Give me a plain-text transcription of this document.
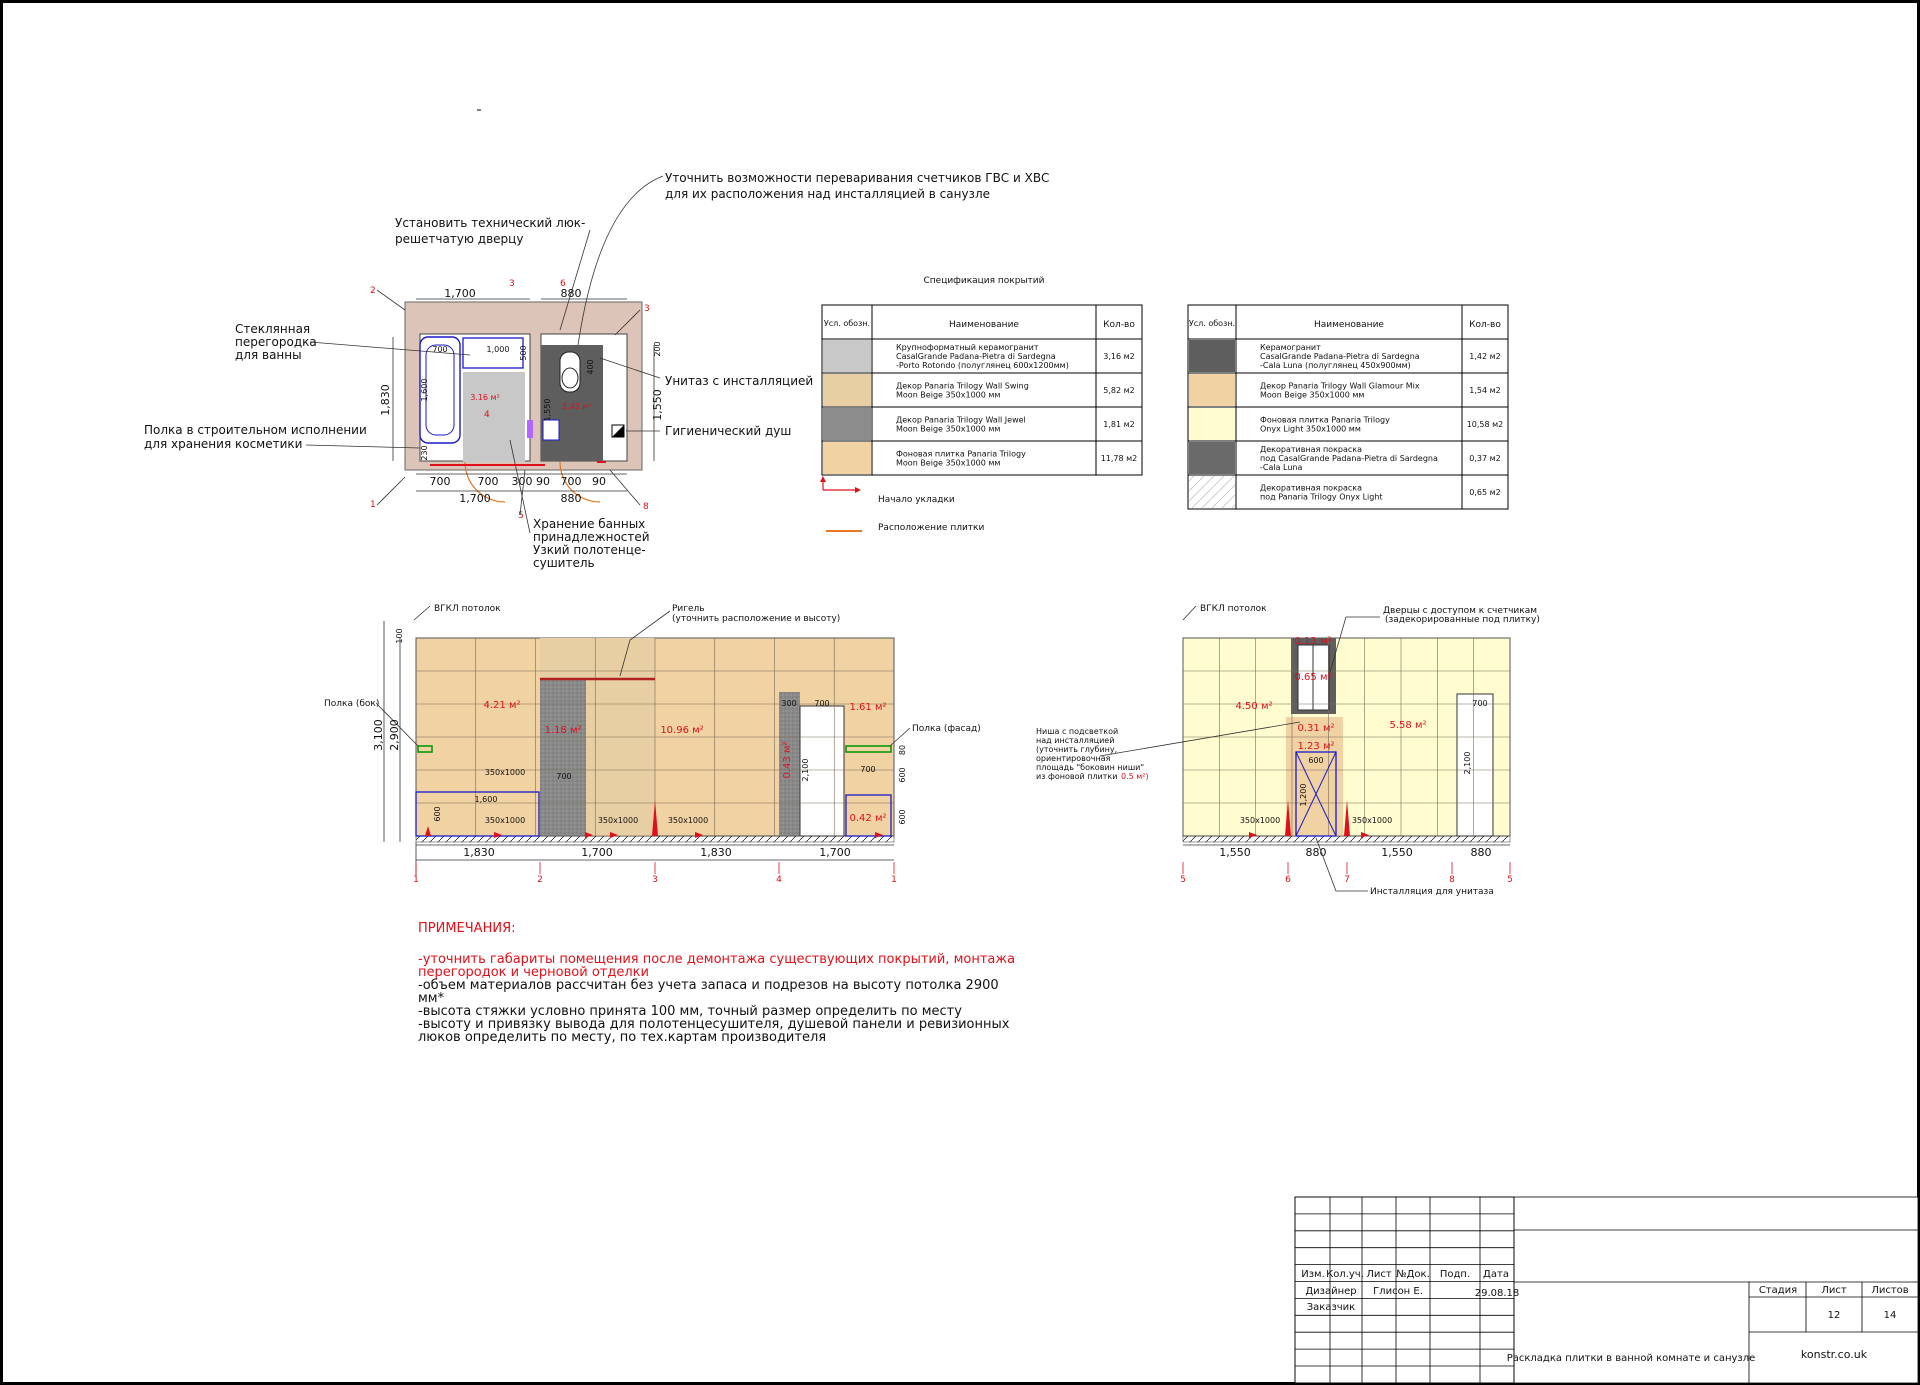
1,700	880
1,830	1,550
700	1,000 500
1,600
200
400
1,550
230
3.16 м²
1.42 м²
700 700 300 90 700 90
1,700	880
1
2
3
3
4
5
6
8
Уточнить возможности переваривания счетчиков ГВС и ХВС
для их расположения над инсталляцией в санузле
Установить технический люк-
решетчатую дверцу
Стеклянная
перегородка
для ванны
Полка в строительном исполнении
для хранения косметики
Унитаз с инсталляцией
Гигиенический душ
Хранение банных
принадлежностей
Узкий полотенце-
сушитель
Спецификация покрытий
Усл. обозн.	Наименование	Кол-во
Крупноформатный керамогранит
CasalGrande Padana-Pietra di Sardegna
-Porto Rotondo (полуглянец 600х1200мм)
3,16 м2
Декор Panaria Trilogy Wall Swing
Moon Beige 350х1000 мм	5,82 м2
Декор Panaria Trilogy Wall Jewel
Moon Beige 350х1000 мм	1,81 м2
Фоновая плитка Panaria Trilogy
Moon Beige 350х1000 мм	11,78 м2
Усл. обозн.	Наименование	Кол-во
Керамогранит
CasalGrande Padana-Pietra di Sardegna
-Cala Luna (полуглянец 450х900мм)
1,42 м2
Декор Panaria Trilogy Wall Glamour Mix
Moon Beige 350х1000 мм	1,54 м2
Фоновая плитка Panaria Trilogy
Onyx Light 350х1000 мм	10,58 м2
Декоративная покраска
под CasalGrande Padana-Pietra di Sardegna
-Cala Luna
0,37 м2
Декоративная покраска
под Panaria Trilogy Onyx Light	0,65 м2
Начало укладки
Расположение плитки
ВГКЛ потолок	Ригель
(уточнить расположение и высоту)
Полка (бок)
Полка (фасад)
3,100 2,900
100
4.21 м²
1.18 м²	10.96 м²
0.43 м²
1.61 м²
0.42 м²
350х1000
350х1000	350х1000	350х1000
700
1,600
600
300 700
2,100	700	600
600
80
1,830	1,700	1,830	1,700
1	2	3	4	1
ВГКЛ потолок	Дверцы с доступом к счетчикам
(задекорированные под плитку)
Ниша с подсветкой
над инсталляцией
(уточнить глубину,
ориентировочная
площадь "боковин ниши"
из фоновой плитки 0.5 м²)
0.13 м²
0.65 м²
4.50 м²
0.31 м²
1.23 м²
5.58 м²
350х1000	350х1000
700
2,100
600
1,200
1,550	880	1,550	880
5	6	7	8	5
Инсталляция для унитаза
ПРИМЕЧАНИЯ:
-уточнить габариты помещения после демонтажа существующих покрытий, монтажа
перегородок и черновой отделки
-объем материалов рассчитан без учета запаса и подрезов на высоту потолка 2900
мм*
-высота стяжки условно принята 100 мм, точный размер определить по месту
-высоту и привязку вывода для полотенцесушителя, душевой панели и ревизионных
люков определить по месту, по тех.картам производителя
Изм. Кол.уч. Лист №Док. Подп. Дата
Дизайнер Глисон Е.	29.08.18
Заказчик
Стадия Лист Листов
12	14
Раскладка плитки в ванной комнате и санузле	konstr.co.uk
